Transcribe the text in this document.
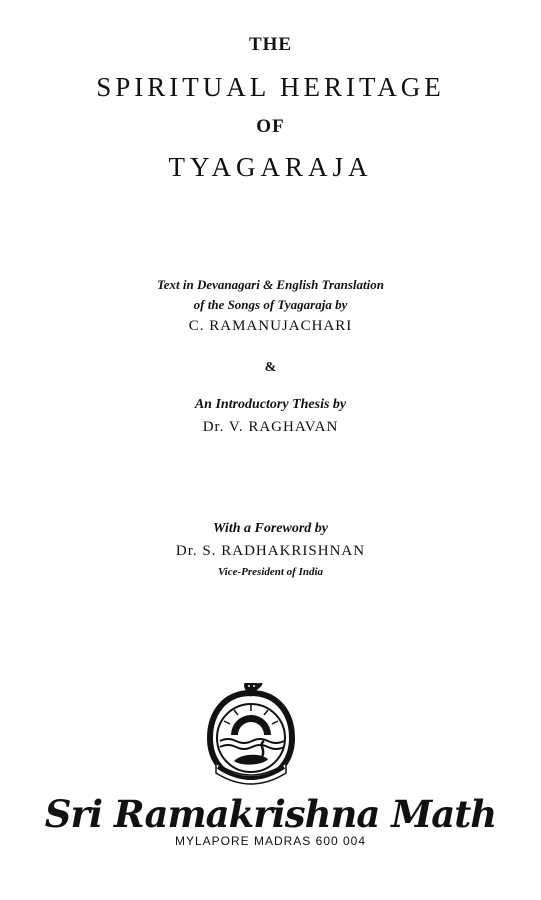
THE
SPIRITUAL HERITAGE
OF
TYAGARAJA
Text in Devanagari & English Translation
of the Songs of Tyagaraja by
C. RAMANUJACHARI
&
An Introductory Thesis by
Dr. V. RAGHAVAN
With a Foreword by
Dr. S. RADHAKRISHNAN
Vice-President of India
Sri Ramakrishna Math
MYLAPORE MADRAS 600 004
